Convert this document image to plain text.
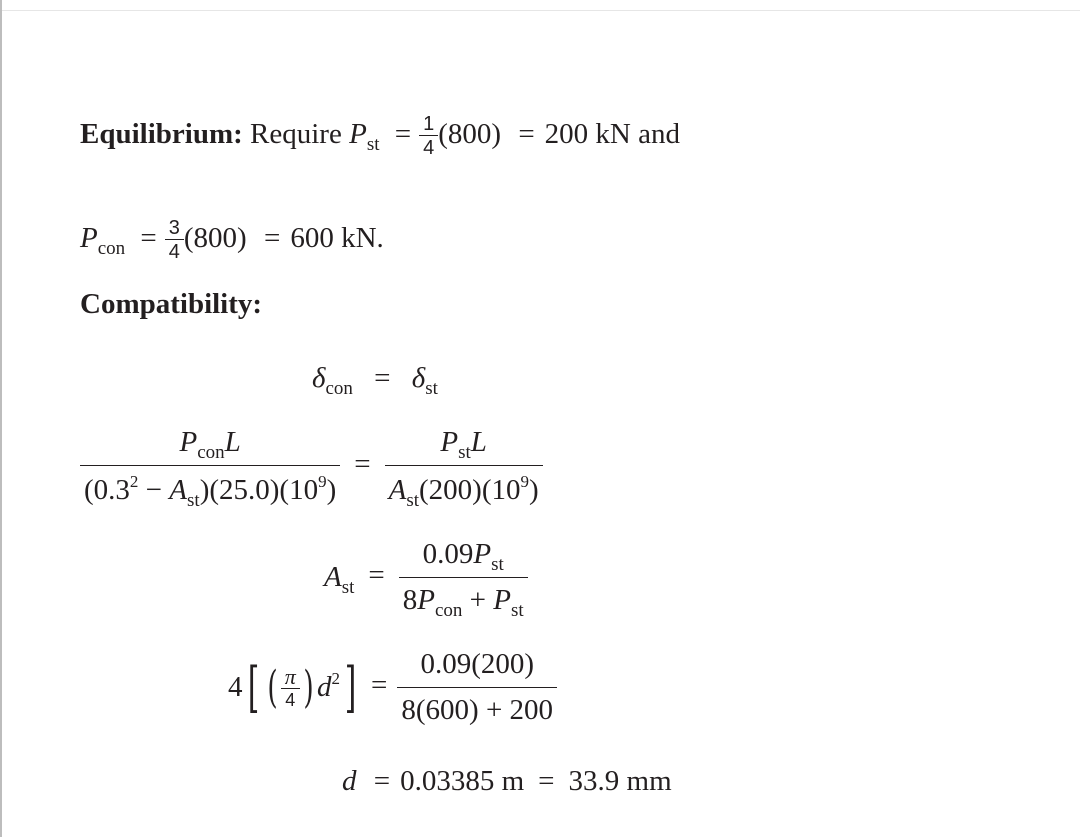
Equilibrium: Require $P_{st} = \frac{1}{4} (800) = 200$ kN and
$P_{con} = \frac{3}{4} (800) = 600$ kN.
Compatibility:
$\delta_{con} = \delta_{st}$
$\frac{P_{con}L}{(0.3^2 - A_{st})(25.0)(10^9)} = \frac{P_{st}L}{A_{st}(200)(10^9)}$
$A_{st} = \frac{0.09P_{st}}{8P_{con} + P_{st}}$
4[ ( $\frac{\pi}{4}$ ) $d^2] = \frac{0.09(200)}{8(600) + 200}$
d = 0.03385 m = 33.9 mm
